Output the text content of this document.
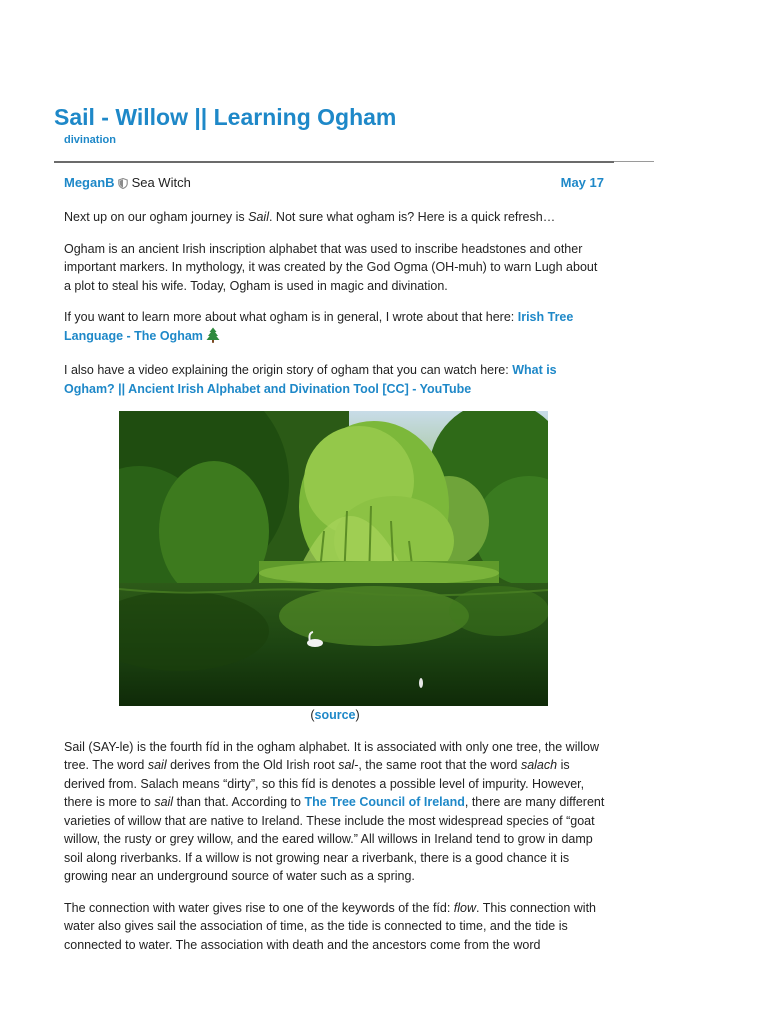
Sail - Willow || Learning Ogham
divination
MeganB Sea Witch	May 17

Next up on our ogham journey is Sail. Not sure what ogham is? Here is a quick refresh…

Ogham is an ancient Irish inscription alphabet that was used to inscribe headstones and other important markers. In mythology, it was created by the God Ogma (OH-muh) to warn Lugh about a plot to steal his wife. Today, Ogham is used in magic and divination.

If you want to learn more about what ogham is in general, I wrote about that here: Irish Tree Language - The Ogham

I also have a video explaining the origin story of ogham that you can watch here: What is Ogham? || Ancient Irish Alphabet and Divination Tool [CC] - YouTube

(source)

Sail (SAY-le) is the fourth fíd in the ogham alphabet. It is associated with only one tree, the willow tree. The word sail derives from the Old Irish root sal-, the same root that the word salach is derived from. Salach means “dirty”, so this fíd is denotes a possible level of impurity. However, there is more to sail than that. According to The Tree Council of Ireland, there are many different varieties of willow that are native to Ireland. These include the most widespread species of “goat willow, the rusty or grey willow, and the eared willow.” All willows in Ireland tend to grow in damp soil along riverbanks. If a willow is not growing near a riverbank, there is a good chance it is growing near an underground source of water such as a spring.

The connection with water gives rise to one of the keywords of the fíd: flow. This connection with water also gives sail the association of time, as the tide is connected to time, and the tide is connected to water. The association with death and the ancestors come from the word
